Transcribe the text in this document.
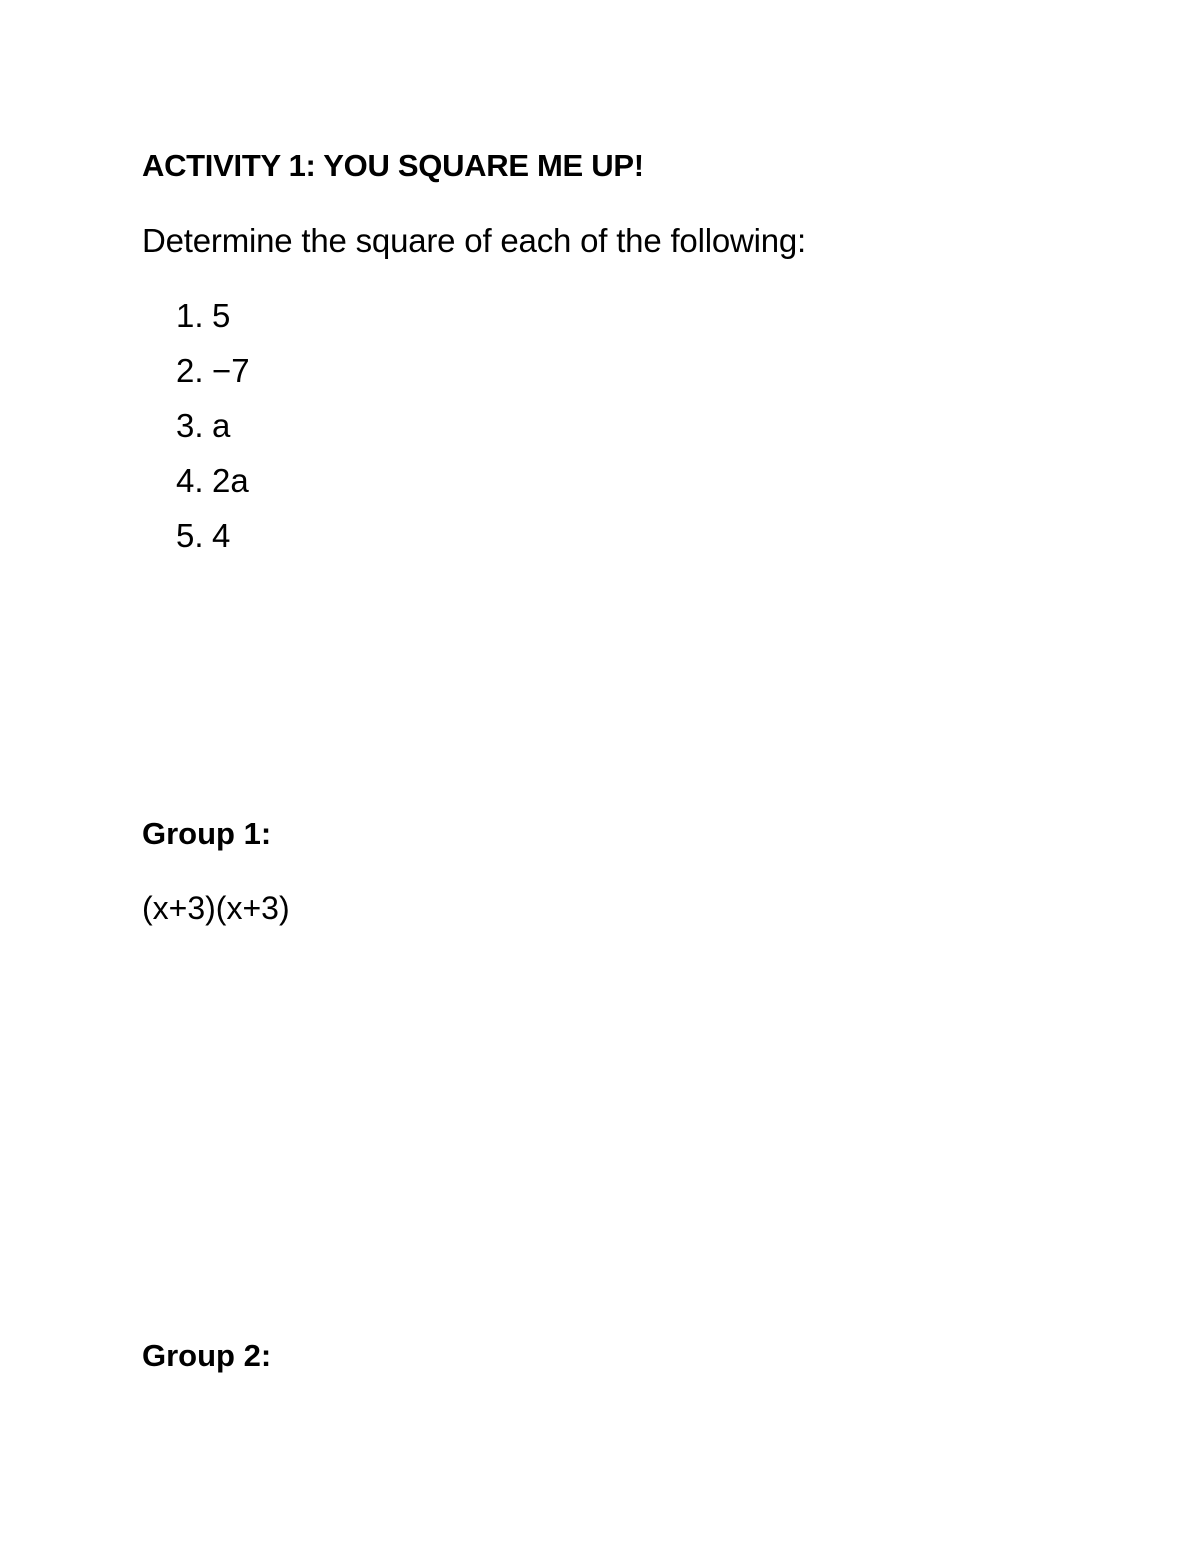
ACTIVITY 1: YOU SQUARE ME UP!
Determine the square of each of the following:
1. 5
2. −7
3. a
4. 2a
5. 4
Group 1:
(x+3)(x+3)
Group 2:
